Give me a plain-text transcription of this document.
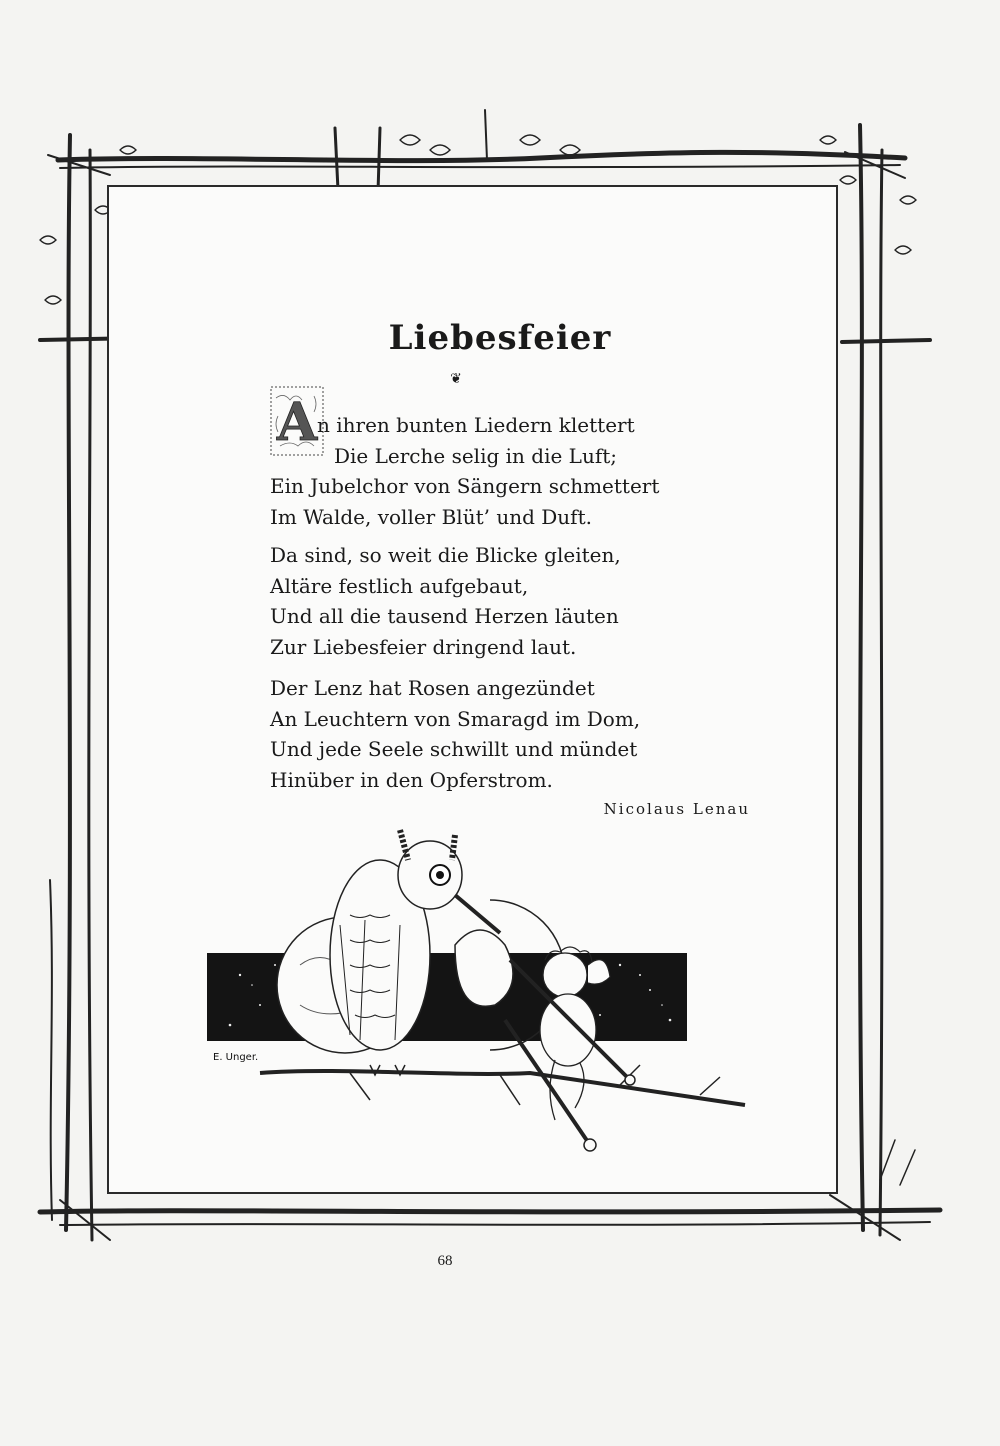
Liebesfeier
❦
A n ihren bunten Liedern klettert
Die Lerche selig in die Luft;
Ein Jubelchor von Sängern schmettert
Im Walde, voller Blüt’ und Duft.
Da sind, so weit die Blicke gleiten,
Altäre festlich aufgebaut,
Und all die tausend Herzen läuten
Zur Liebesfeier dringend laut.
Der Lenz hat Rosen angezündet
An Leuchtern von Smaragd im Dom,
Und jede Seele schwillt und mündet
Hinüber in den Opferstrom.
Nicolaus Lenau
E. Unger.
68
